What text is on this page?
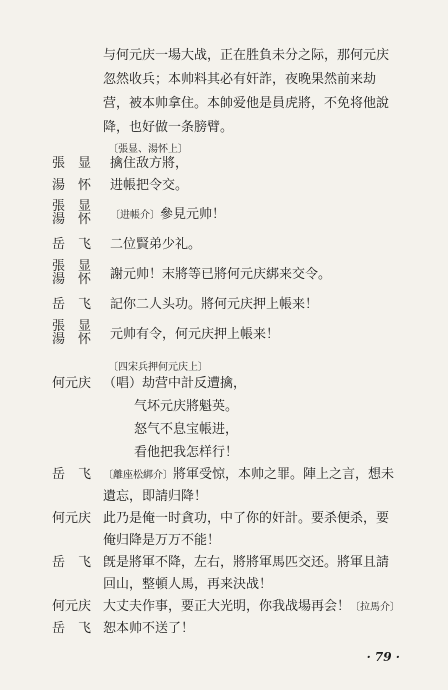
与何元庆一場大战，正在胜負未分之际，那何元庆
忽然收兵；本帅料其必有奸詐，夜晚果然前来劫
营，被本帅拿住。本帥爱他是員虎將，不免将他說
降，也好做一条膀臂。
〔張显、湯怀上〕
張　显	擒住敌方將，
湯　怀	进帳把令交。
張　显
湯　怀	〔进帳介〕參見元帅！
岳　飞	二位賢弟少礼。
張　显
湯　怀	謝元帅！末將等已將何元庆綁来交令。
岳　飞	記你二人头功。將何元庆押上帳来！
張　显
湯　怀	元帅有令，何元庆押上帳来！
〔四宋兵押何元庆上〕
何元庆 （唱）劫营中計反遭擒，
气坏元庆將魁英。
怒气不息宝帳进，
看他把我怎样行！
岳　飞	〔離座松綁介〕將軍受惊，本帅之罪。陣上之言，想未
遺忘，即請归降！
何元庆 此乃是俺一时貪功，中了你的奸計。要杀便杀，要
俺归降是万万不能！
岳　飞 旣是將軍不降，左右，將將軍馬匹交还。將軍且請
回山，整頓人馬，再来決战！
何元庆 大丈夫作事，要正大光明，你我战場再会！〔拉馬介〕
岳　飞 恕本帅不送了！
· 79 ·
